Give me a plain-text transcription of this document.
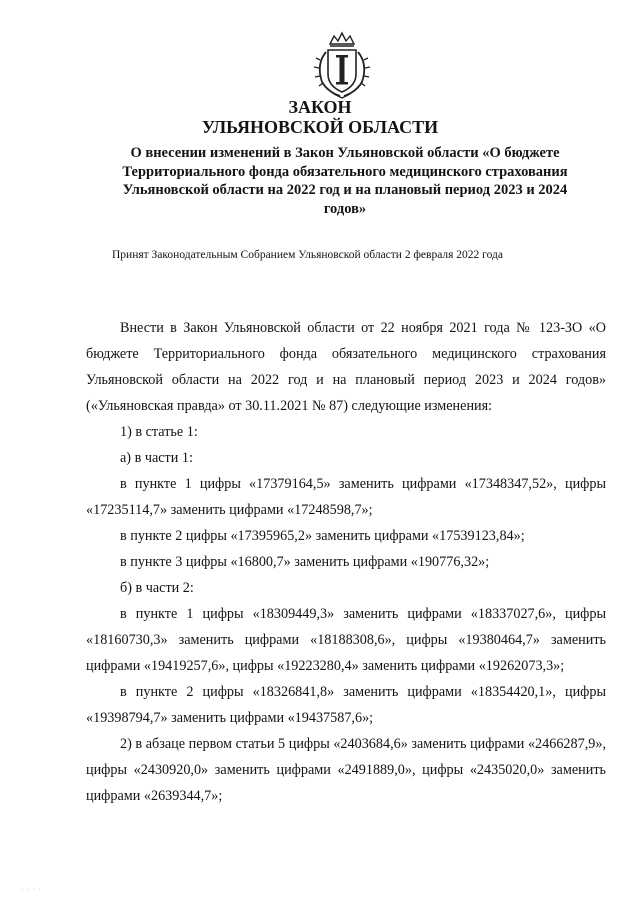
ЗАКОН
УЛЬЯНОВСКОЙ ОБЛАСТИ
О внесении изменений в Закон Ульяновской области «О бюджете Территориального фонда обязательного медицинского страхования Ульяновской области на 2022 год и на плановый период 2023 и 2024 годов»
Принят Законодательным Собранием Ульяновской области 2 февраля 2022 года

Внести в Закон Ульяновской области от 22 ноября 2021 года № 123-ЗО «О бюджете Территориального фонда обязательного медицинского страхования Ульяновской области на 2022 год и на плановый период 2023 и 2024 годов» («Ульяновская правда» от 30.11.2021 № 87) следующие изменения:

1) в статье 1:

а) в части 1:

в пункте 1 цифры «17379164,5» заменить цифрами «17348347,52», цифры «17235114,7» заменить цифрами «17248598,7»;

в пункте 2 цифры «17395965,2» заменить цифрами «17539123,84»;

в пункте 3 цифры «16800,7» заменить цифрами «190776,32»;

б) в части 2:

в пункте 1 цифры «18309449,3» заменить цифрами «18337027,6», цифры «18160730,3» заменить цифрами «18188308,6», цифры «19380464,7» заменить цифрами «19419257,6», цифры «19223280,4» заменить цифрами «19262073,3»;

в пункте 2 цифры «18326841,8» заменить цифрами «18354420,1», цифры «19398794,7» заменить цифрами «19437587,6»;

2) в абзаце первом статьи 5 цифры «2403684,6» заменить цифрами «2466287,9», цифры «2430920,0» заменить цифрами «2491889,0», цифры «2435020,0» заменить цифрами «2639344,7»;

· · · ·
